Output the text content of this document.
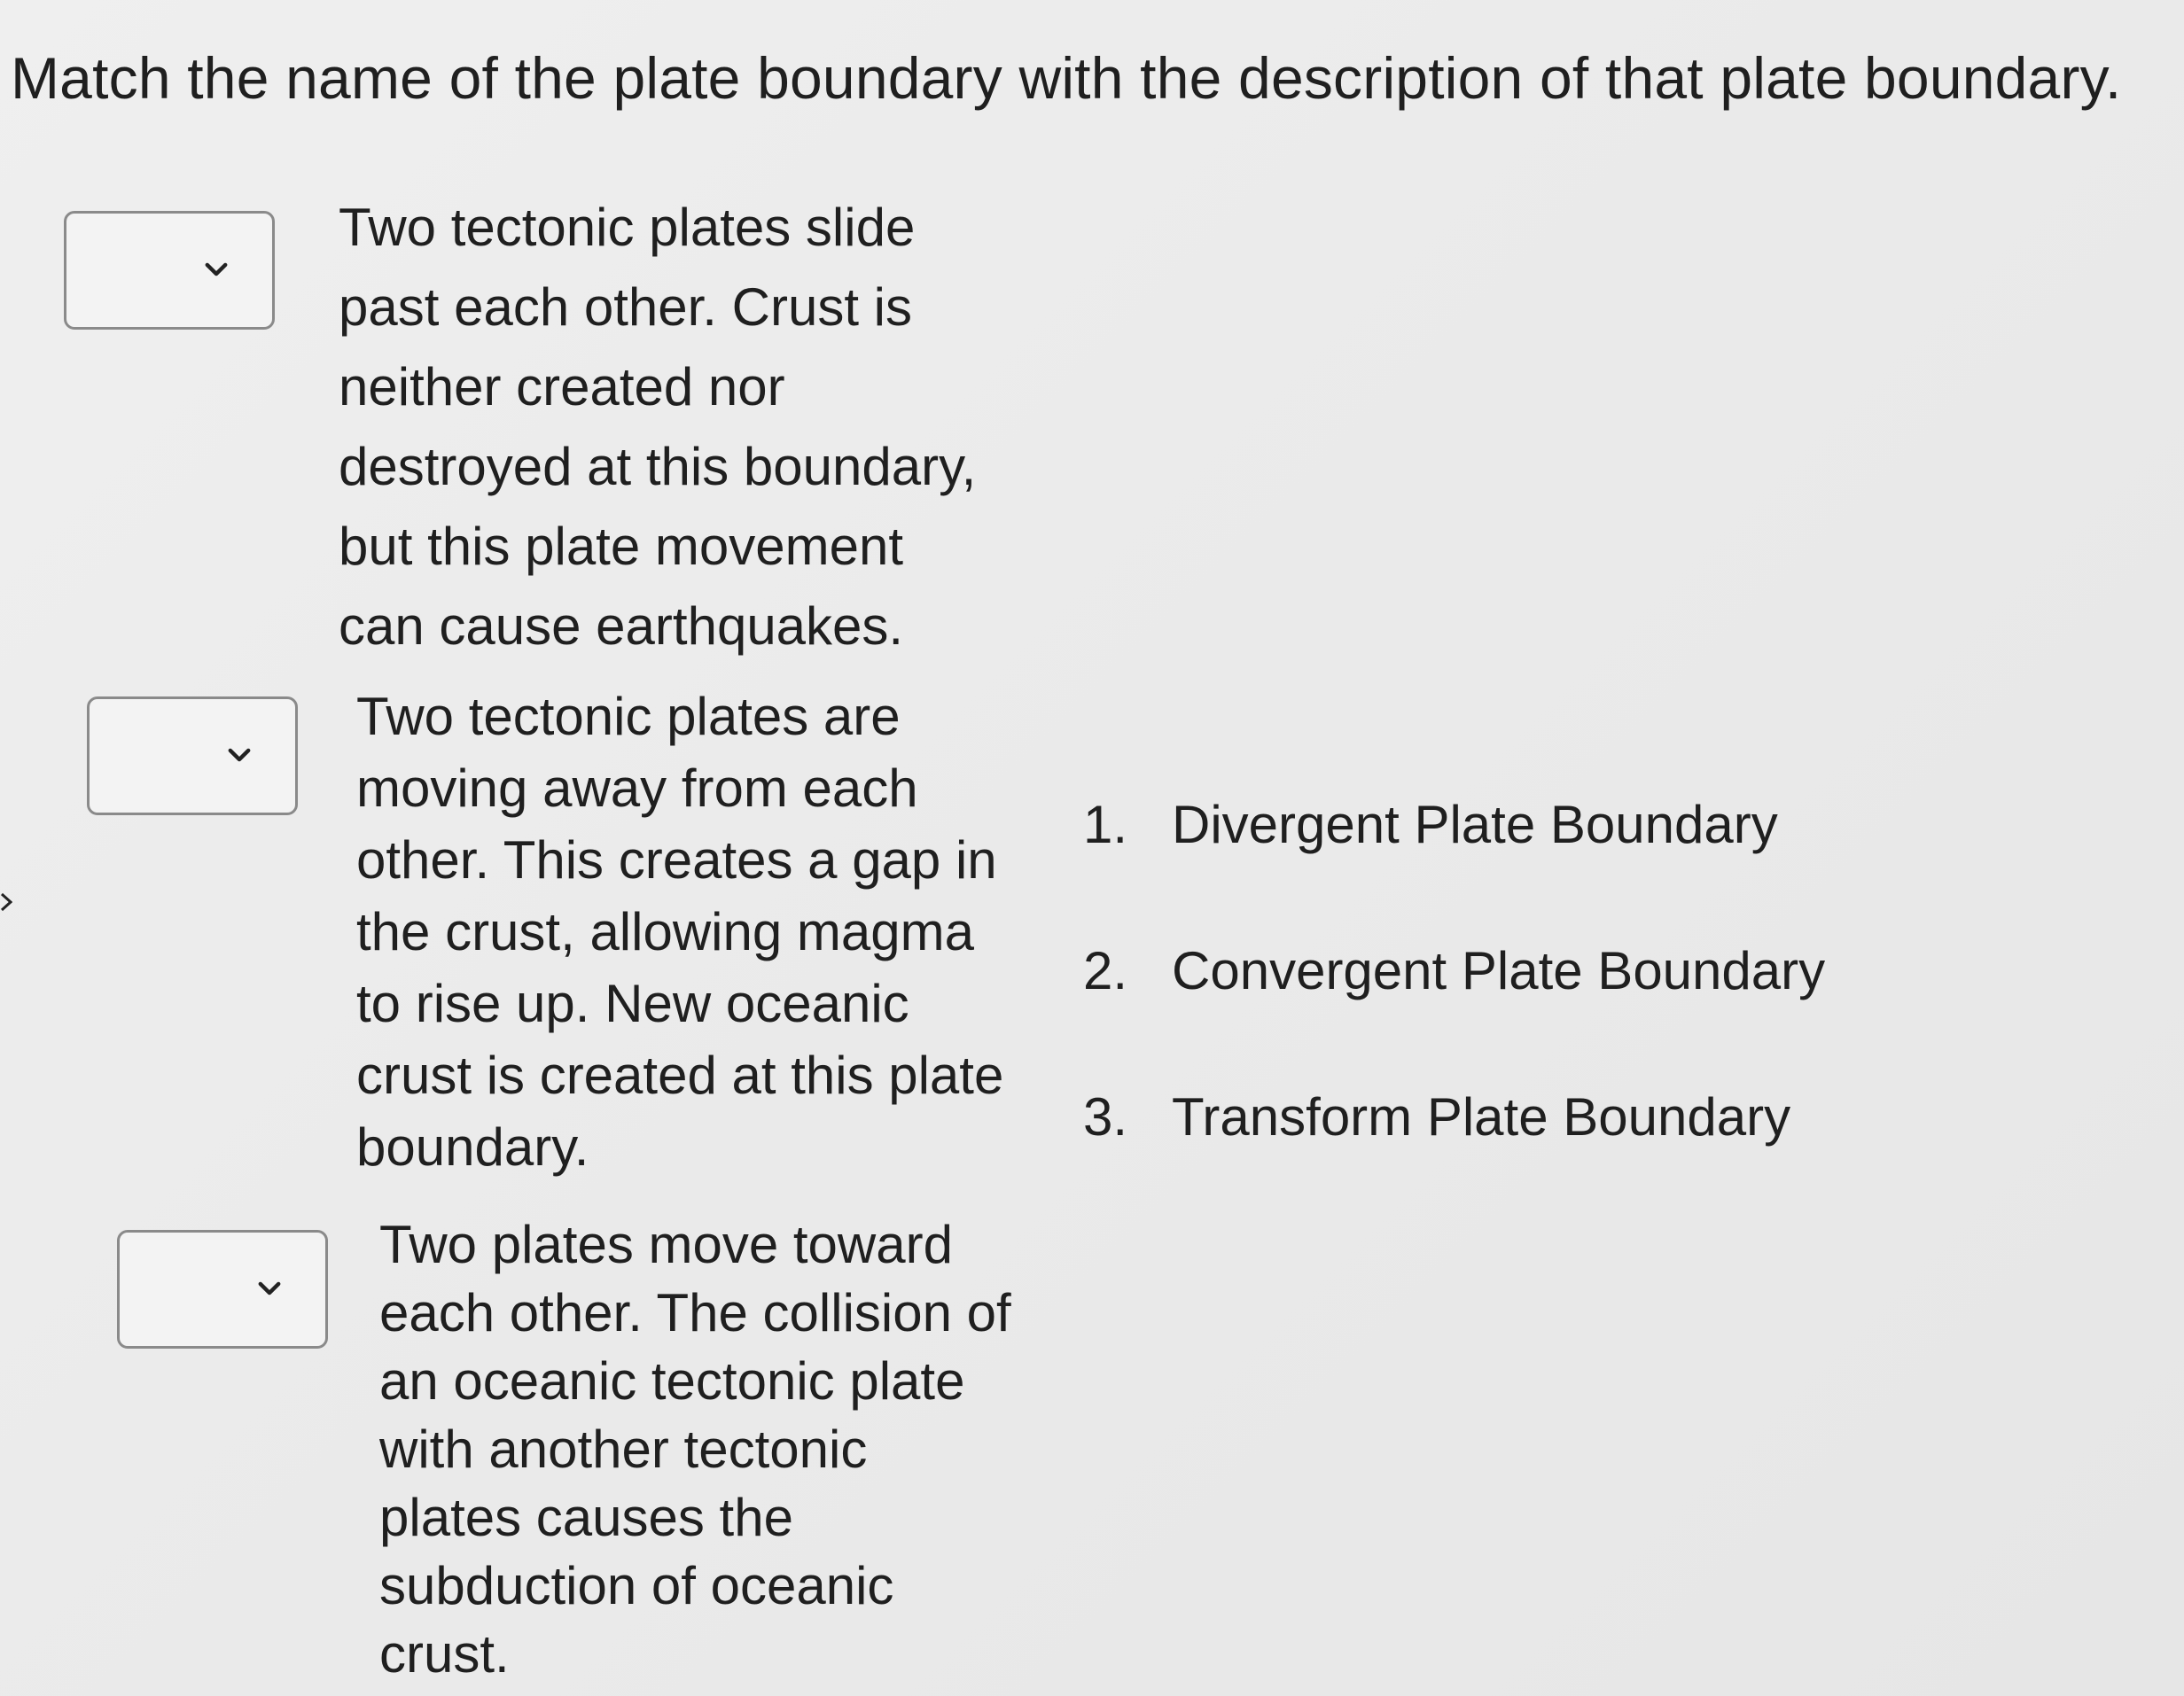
Match the name of the plate boundary with the description of that plate boundary.
Two tectonic plates slide
past each other. Crust is
neither created nor
destroyed at this boundary,
but this plate movement
can cause earthquakes.
Two tectonic plates are
moving away from each
other. This creates a gap in
the crust, allowing magma
to rise up. New oceanic
crust is created at this plate
boundary.
Two plates move toward
each other. The collision of
an oceanic tectonic plate
with another tectonic
plates causes the
subduction of oceanic
crust.
1. Divergent Plate Boundary
2. Convergent Plate Boundary
3. Transform Plate Boundary
